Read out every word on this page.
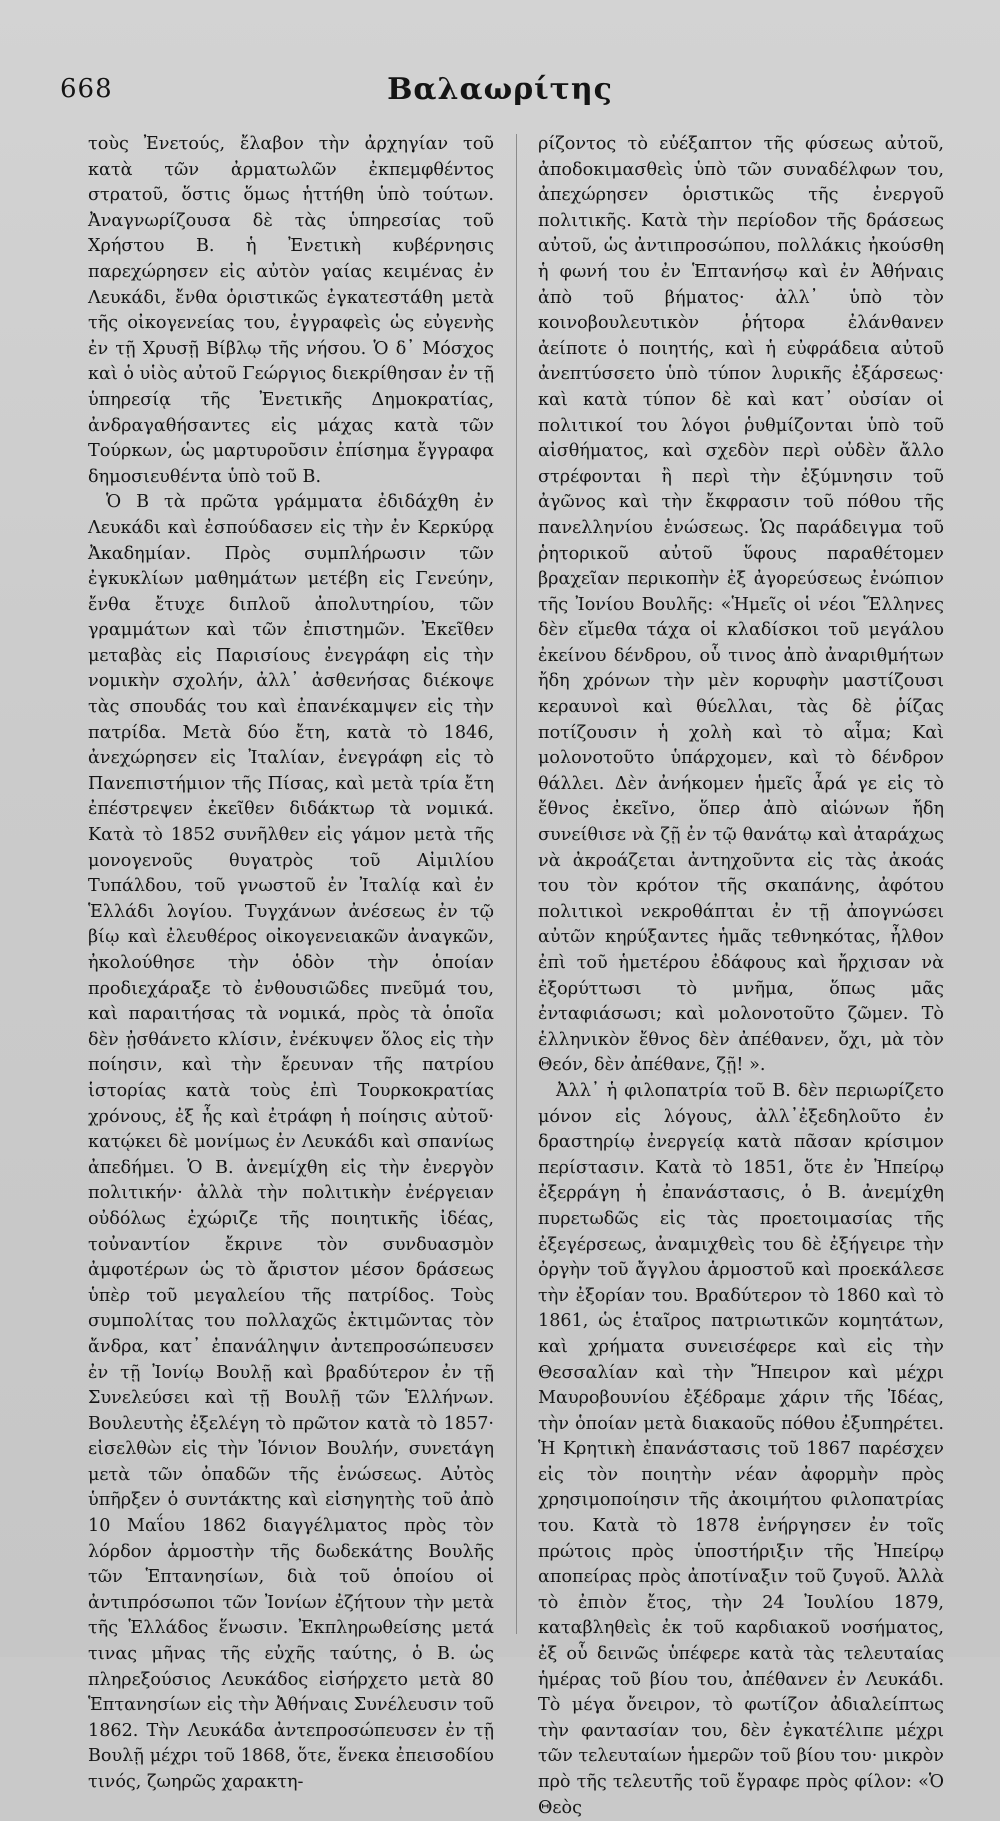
668	Βαλαωρίτης

τοὺς Ἐνετούς, ἔλαβον τὴν ἀρχηγίαν τοῦ κατὰ τῶν ἀρματωλῶν ἐκπεμφθέντος στρατοῦ, ὅστις ὅμως ἡττήθη ὑπὸ τούτων. Ἀναγνωρίζουσα δὲ τὰς ὑπηρεσίας τοῦ Χρήστου Β. ἡ Ἐνετικὴ κυβέρνησις παρεχώρησεν εἰς αὐτὸν γαίας κειμένας ἐν Λευκάδι, ἔνθα ὁριστικῶς ἐγκατεστάθη μετὰ τῆς οἰκογενείας του, ἐγγραφεὶς ὡς εὐγενὴς ἐν τῇ Χρυσῇ Βίβλῳ τῆς νήσου. Ὁ δ᾽ Μόσχος καὶ ὁ υἱὸς αὐτοῦ Γεώργιος διεκρίθησαν ἐν τῇ ὑπηρεσίᾳ τῆς Ἐνετικῆς Δημοκρατίας, ἀνδραγαθήσαντες εἰς μάχας κατὰ τῶν Τούρκων, ὡς μαρτυροῦσιν ἐπίσημα ἔγγραφα δημοσιευθέντα ὑπὸ τοῦ Β.

Ὁ Β τὰ πρῶτα γράμματα ἐδιδάχθη ἐν Λευκάδι καὶ ἐσπούδασεν εἰς τὴν ἐν Κερκύρᾳ Ἀκαδημίαν. Πρὸς συμπλήρωσιν τῶν ἐγκυκλίων μαθημάτων μετέβη εἰς Γενεύην, ἔνθα ἔτυχε διπλοῦ ἀπολυτηρίου, τῶν γραμμάτων καὶ τῶν ἐπιστημῶν. Ἐκεῖθεν μεταβὰς εἰς Παρισίους ἐνεγράφη εἰς τὴν νομικὴν σχολήν, ἀλλ᾽ ἀσθενήσας διέκοψε τὰς σπουδάς του καὶ ἐπανέκαμψεν εἰς τὴν πατρίδα. Μετὰ δύο ἔτη, κατὰ τὸ 1846, ἀνεχώρησεν εἰς Ἰταλίαν, ἐνεγράφη εἰς τὸ Πανεπιστήμιον τῆς Πίσας, καὶ μετὰ τρία ἔτη ἐπέστρεψεν ἐκεῖθεν διδάκτωρ τὰ νομικά. Κατὰ τὸ 1852 συνῆλθεν εἰς γάμον μετὰ τῆς μονογενοῦς θυγατρὸς τοῦ Αἰμιλίου Τυπάλδου, τοῦ γνωστοῦ ἐν Ἰταλίᾳ καὶ ἐν Ἑλλάδι λογίου. Τυγχάνων ἀνέσεως ἐν τῷ βίῳ καὶ ἐλευθέρος οἰκογενειακῶν ἀναγκῶν, ἠκολούθησε τὴν ὁδὸν τὴν ὁποίαν προδιεχάραξε τὸ ἐνθουσιῶδες πνεῦμά του, καὶ παραιτήσας τὰ νομικά, πρὸς τὰ ὁποῖα δὲν ᾐσθάνετο κλίσιν, ἐνέκυψεν ὅλος εἰς τὴν ποίησιν, καὶ τὴν ἔρευναν τῆς πατρίου ἱστορίας κατὰ τοὺς ἐπὶ Τουρκοκρατίας χρόνους, ἐξ ἧς καὶ ἐτράφη ἡ ποίησις αὐτοῦ· κατῴκει δὲ μονίμως ἐν Λευκάδι καὶ σπανίως ἀπεδήμει. Ὁ Β. ἀνεμίχθη εἰς τὴν ἐνεργὸν πολιτικήν· ἀλλὰ τὴν πολιτικὴν ἐνέργειαν οὐδόλως ἐχώριζε τῆς ποιητικῆς ἰδέας, τοὐναντίον ἔκρινε τὸν συνδυασμὸν ἀμφοτέρων ὡς τὸ ἄριστον μέσον δράσεως ὑπὲρ τοῦ μεγαλείου τῆς πατρίδος. Τοὺς συμπολίτας του πολλαχῶς ἐκτιμῶντας τὸν ἄνδρα, κατ᾽ ἐπανάληψιν ἀντεπροσώπευσεν ἐν τῇ Ἰονίῳ Βουλῇ καὶ βραδύτερον ἐν τῇ Συνελεύσει καὶ τῇ Βουλῇ τῶν Ἑλλήνων. Βουλευτὴς ἐξελέγη τὸ πρῶτον κατὰ τὸ 1857· εἰσελθὼν εἰς τὴν Ἰόνιον Βουλήν, συνετάγη μετὰ τῶν ὀπαδῶν τῆς ἑνώσεως. Αὐτὸς ὑπῆρξεν ὁ συντάκτης καὶ εἰσηγητὴς τοῦ ἀπὸ 10 Μαΐου 1862 διαγγέλματος πρὸς τὸν λόρδον ἁρμοστὴν τῆς δωδεκάτης Βουλῆς τῶν Ἑπτανησίων, διὰ τοῦ ὁποίου οἱ ἀντιπρόσωποι τῶν Ἰονίων ἐζήτουν τὴν μετὰ τῆς Ἑλλάδος ἕνωσιν. Ἐκπληρωθείσης μετά τινας μῆνας τῆς εὐχῆς ταύτης, ὁ Β. ὡς πληρεξούσιος Λευκάδος εἰσήρχετο μετὰ 80 Ἑπτανησίων εἰς τὴν Ἀθήναις Συνέλευσιν τοῦ 1862. Τὴν Λευκάδα ἀντεπροσώπευσεν ἐν τῇ Βουλῇ μέχρι τοῦ 1868, ὅτε, ἕνεκα ἐπεισοδίου τινός, ζωηρῶς χαρακτη-

ρίζοντος τὸ εὐέξαπτον τῆς φύσεως αὐτοῦ, ἀποδοκιμασθεὶς ὑπὸ τῶν συναδέλφων του, ἀπεχώρησεν ὁριστικῶς τῆς ἐνεργοῦ πολιτικῆς. Κατὰ τὴν περίοδον τῆς δράσεως αὐτοῦ, ὡς ἀντιπροσώπου, πολλάκις ἠκούσθη ἡ φωνή του ἐν Ἑπτανήσῳ καὶ ἐν Ἀθήναις ἀπὸ τοῦ βήματος· ἀλλ᾽ ὑπὸ τὸν κοινοβουλευτικὸν ῥήτορα ἐλάνθανεν ἀείποτε ὁ ποιητής, καὶ ἡ εὐφράδεια αὐτοῦ ἀνεπτύσσετο ὑπὸ τύπον λυρικῆς ἐξάρσεως· καὶ κατὰ τύπον δὲ καὶ κατ᾽ οὐσίαν οἱ πολιτικοί του λόγοι ῥυθμίζονται ὑπὸ τοῦ αἰσθήματος, καὶ σχεδὸν περὶ οὐδὲν ἄλλο στρέφονται ἢ περὶ τὴν ἐξύμνησιν τοῦ ἀγῶνος καὶ τὴν ἔκφρασιν τοῦ πόθου τῆς πανελληνίου ἑνώσεως. Ὡς παράδειγμα τοῦ ῥητορικοῦ αὐτοῦ ὕφους παραθέτομεν βραχεῖαν περικοπὴν ἐξ ἀγορεύσεως ἐνώπιον τῆς Ἰονίου Βουλῆς: «Ἡμεῖς οἱ νέοι Ἕλληνες δὲν εἴμεθα τάχα οἱ κλαδίσκοι τοῦ μεγάλου ἐκείνου δένδρου, οὗ τινος ἀπὸ ἀναριθμήτων ἤδη χρόνων τὴν μὲν κορυφὴν μαστίζουσι κεραυνοὶ καὶ θύελλαι, τὰς δὲ ῥίζας ποτίζουσιν ἡ χολὴ καὶ τὸ αἷμα; Καὶ μολονοτοῦτο ὑπάρχομεν, καὶ τὸ δένδρον θάλλει. Δὲν ἀνήκομεν ἡμεῖς ἆρά γε εἰς τὸ ἔθνος ἐκεῖνο, ὅπερ ἀπὸ αἰώνων ἤδη συνείθισε νὰ ζῇ ἐν τῷ θανάτῳ καὶ ἀταράχως νὰ ἀκροάζεται ἀντηχοῦντα εἰς τὰς ἀκοάς του τὸν κρότον τῆς σκαπάνης, ἀφότου πολιτικοὶ νεκροθάπται ἐν τῇ ἀπογνώσει αὐτῶν κηρύξαντες ἡμᾶς τεθνηκότας, ἦλθον ἐπὶ τοῦ ἡμετέρου ἐδάφους καὶ ἤρχισαν νὰ ἐξορύττωσι τὸ μνῆμα, ὅπως μᾶς ἐνταφιάσωσι; καὶ μολονοτοῦτο ζῶμεν. Τὸ ἑλληνικὸν ἔθνος δὲν ἀπέθανεν, ὄχι, μὰ τὸν Θεόν, δὲν ἀπέθανε, ζῇ! ».

Ἀλλ᾽ ἡ φιλοπατρία τοῦ Β. δὲν περιωρίζετο μόνον εἰς λόγους, ἀλλ᾽ἐξεδηλοῦτο ἐν δραστηρίῳ ἐνεργείᾳ κατὰ πᾶσαν κρίσιμον περίστασιν. Κατὰ τὸ 1851, ὅτε ἐν Ἠπείρῳ ἐξερράγη ἡ ἐπανάστασις, ὁ Β. ἀνεμίχθη πυρετωδῶς εἰς τὰς προετοιμασίας τῆς ἐξεγέρσεως, ἀναμιχθεὶς του δὲ ἐξήγειρε τὴν ὀργὴν τοῦ ἄγγλου ἁρμοστοῦ καὶ προεκάλεσε τὴν ἐξορίαν του. Βραδύτερον τὸ 1860 καὶ τὸ 1861, ὡς ἑταῖρος πατριωτικῶν κομητάτων, καὶ χρήματα συνεισέφερε καὶ εἰς τὴν Θεσσαλίαν καὶ τὴν Ἤπειρον καὶ μέχρι Μαυροβουνίου ἐξέδραμε χάριν τῆς Ἰδέας, τὴν ὁποίαν μετὰ διακαοῦς πόθου ἐξυπηρέτει. Ἡ Κρητικὴ ἐπανάστασις τοῦ 1867 παρέσχεν εἰς τὸν ποιητὴν νέαν ἀφορμὴν πρὸς χρησιμοποίησιν τῆς ἀκοιμήτου φιλοπατρίας του. Κατὰ τὸ 1878 ἐνήργησεν ἐν τοῖς πρώτοις πρὸς ὑποστήριξιν τῆς Ἠπείρῳ αποπείρας πρὸς ἀποτίναξιν τοῦ ζυγοῦ. Ἀλλὰ τὸ ἐπιὸν ἔτος, τὴν 24 Ἰουλίου 1879, καταβληθεὶς ἐκ τοῦ καρδιακοῦ νοσήματος, ἐξ οὗ δεινῶς ὑπέφερε κατὰ τὰς τελευταίας ἡμέρας τοῦ βίου του, ἀπέθανεν ἐν Λευκάδι. Τὸ μέγα ὄνειρον, τὸ φωτίζον ἀδιαλείπτως τὴν φαντασίαν του, δὲν ἐγκατέλιπε μέχρι τῶν τελευταίων ἡμερῶν τοῦ βίου του· μικρὸν πρὸ τῆς τελευτῆς τοῦ ἔγραφε πρὸς φίλον: «Ὁ Θεὸς
